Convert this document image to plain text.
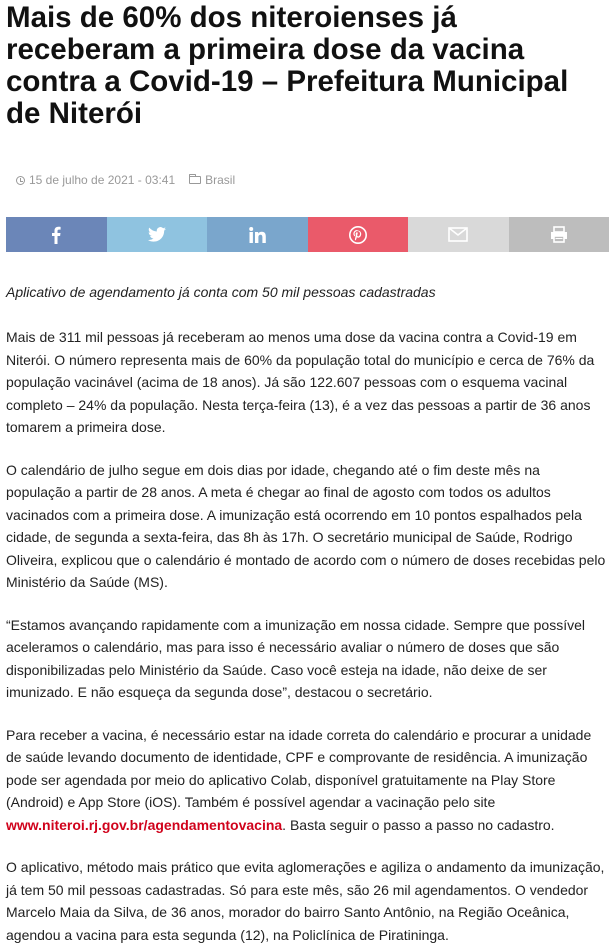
Mais de 60% dos niteroienses já receberam a primeira dose da vacina contra a Covid-19 – Prefeitura Municipal de Niterói
15 de julho de 2021 - 03:41	Brasil
Aplicativo de agendamento já conta com 50 mil pessoas cadastradas

Mais de 311 mil pessoas já receberam ao menos uma dose da vacina contra a Covid-19 em Niterói. O número representa mais de 60% da população total do município e cerca de 76% da população vacinável (acima de 18 anos). Já são 122.607 pessoas com o esquema vacinal completo – 24% da população. Nesta terça-feira (13), é a vez das pessoas a partir de 36 anos tomarem a primeira dose.

O calendário de julho segue em dois dias por idade, chegando até o fim deste mês na população a partir de 28 anos. A meta é chegar ao final de agosto com todos os adultos vacinados com a primeira dose. A imunização está ocorrendo em 10 pontos espalhados pela cidade, de segunda a sexta-feira, das 8h às 17h. O secretário municipal de Saúde, Rodrigo Oliveira, explicou que o calendário é montado de acordo com o número de doses recebidas pelo Ministério da Saúde (MS).

“Estamos avançando rapidamente com a imunização em nossa cidade. Sempre que possível aceleramos o calendário, mas para isso é necessário avaliar o número de doses que são disponibilizadas pelo Ministério da Saúde. Caso você esteja na idade, não deixe de ser imunizado. E não esqueça da segunda dose”, destacou o secretário.

Para receber a vacina, é necessário estar na idade correta do calendário e procurar a unidade de saúde levando documento de identidade, CPF e comprovante de residência. A imunização pode ser agendada por meio do aplicativo Colab, disponível gratuitamente na Play Store (Android) e App Store (iOS). Também é possível agendar a vacinação pelo site www.niteroi.rj.gov.br/agendamentovacina. Basta seguir o passo a passo no cadastro.

O aplicativo, método mais prático que evita aglomerações e agiliza o andamento da imunização, já tem 50 mil pessoas cadastradas. Só para este mês, são 26 mil agendamentos. O vendedor Marcelo Maia da Silva, de 36 anos, morador do bairro Santo Antônio, na Região Oceânica, agendou a vacina para esta segunda (12), na Policlínica de Piratininga.
